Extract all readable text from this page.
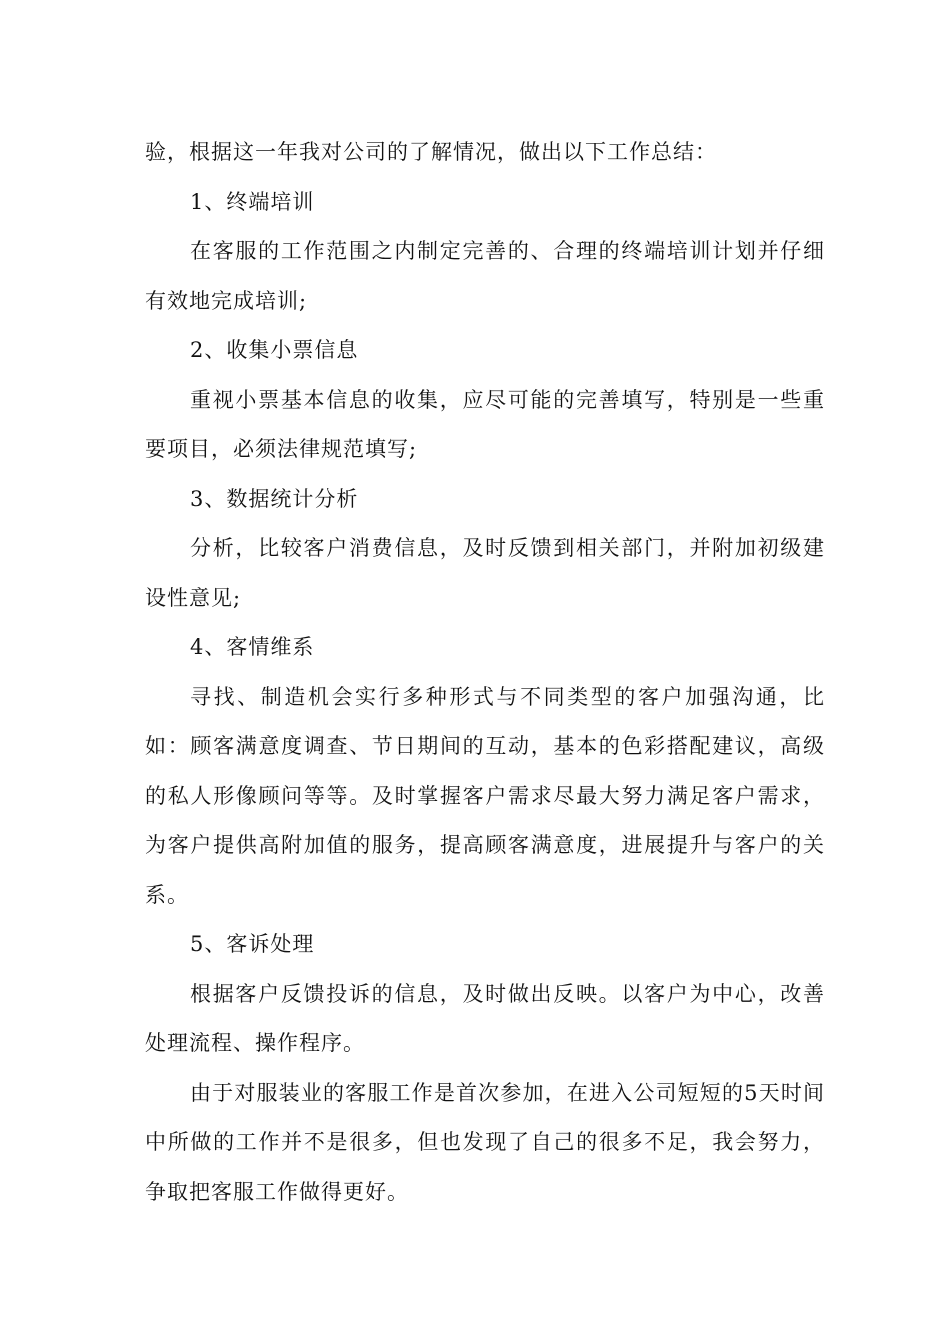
验，根据这一年我对公司的了解情况，做出以下工作总结：

1、终端培训

在客服的工作范围之内制定完善的、合理的终端培训计划并仔细有效地完成培训;

2、收集小票信息

重视小票基本信息的收集，应尽可能的完善填写，特别是一些重要项目，必须法律规范填写;

3、数据统计分析

分析，比较客户消费信息，及时反馈到相关部门，并附加初级建设性意见;

4、客情维系

寻找、制造机会实行多种形式与不同类型的客户加强沟通，比如：顾客满意度调查、节日期间的互动，基本的色彩搭配建议，高级的私人形像顾问等等。及时掌握客户需求尽最大努力满足客户需求，为客户提供高附加值的服务，提高顾客满意度，进展提升与客户的关系。

5、客诉处理

根据客户反馈投诉的信息，及时做出反映。以客户为中心，改善处理流程、操作程序。

由于对服装业的客服工作是首次参加，在进入公司短短的5天时间中所做的工作并不是很多，但也发现了自己的很多不足，我会努力，争取把客服工作做得更好。
